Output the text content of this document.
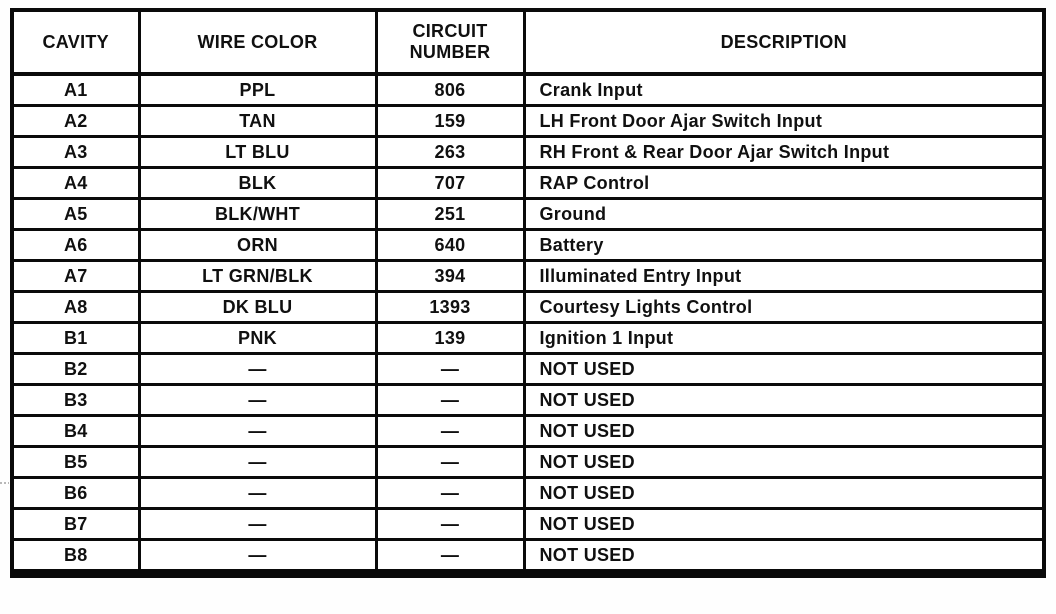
CAVITY	WIRE COLOR	CIRCUIT NUMBER	DESCRIPTION

A1	PPL	806	Crank Input
A2	TAN	159	LH Front Door Ajar Switch Input
A3	LT BLU	263	RH Front & Rear Door Ajar Switch Input
A4	BLK	707	RAP Control
A5	BLK/WHT	251	Ground
A6	ORN	640	Battery
A7	LT GRN/BLK	394	Illuminated Entry Input
A8	DK BLU	1393	Courtesy Lights Control
B1	PNK	139	Ignition 1 Input
B2	—	—	NOT USED
B3	—	—	NOT USED
B4	—	—	NOT USED
B5	—	—	NOT USED
B6	—	—	NOT USED
B7	—	—	NOT USED
B8	—	—	NOT USED
